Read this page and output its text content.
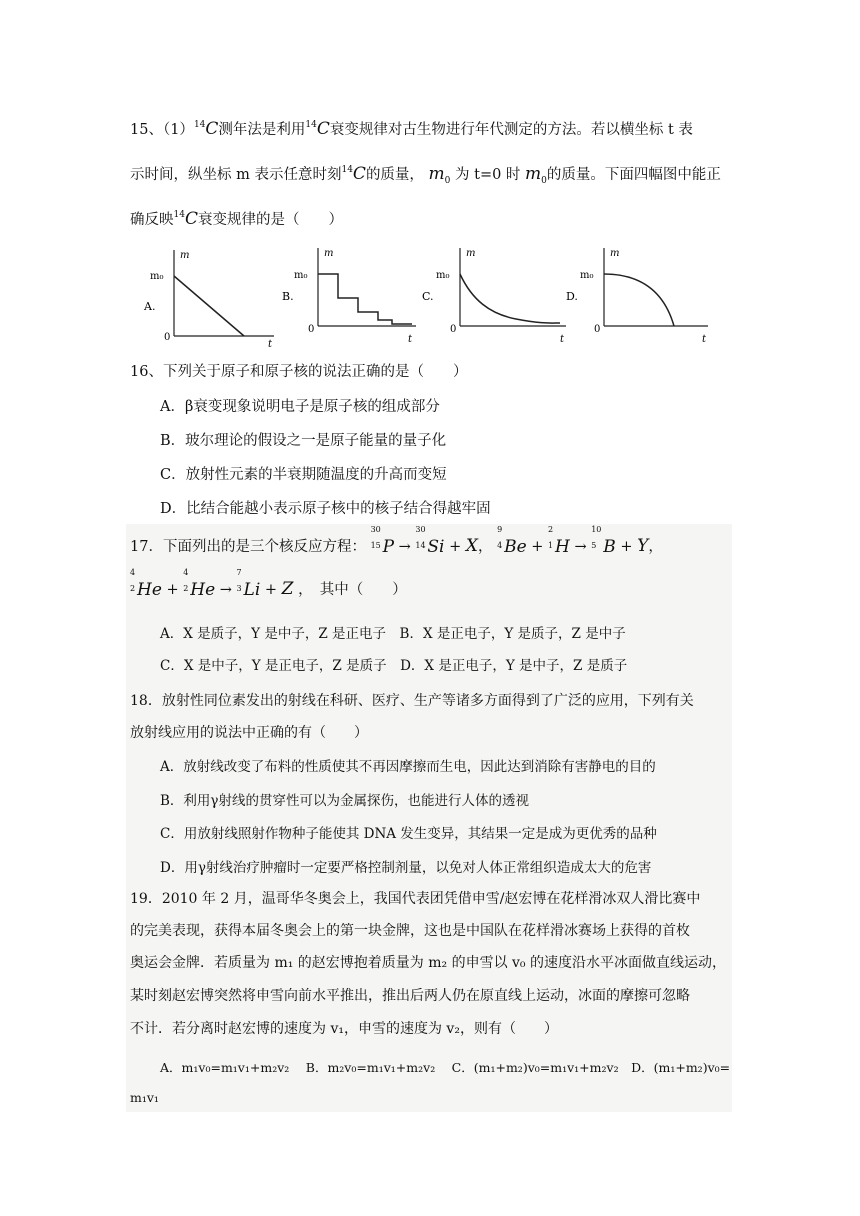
15、$(1)^{14}C$测年法是利用$^{14}$C衰变规律对古生物进行年代测定的方法。若以横坐标 t 表
示时间，纵坐标 m 表示任意时刻$^{14}$C的质量， $m_0$ 为 t=0 时 $m_0$的质量。下面四幅图中能正
确反映$^{14}$C衰变规律的是（　　）
m
t
m₀
0
A.
m
t
m₀
0
B.
m
t
m₀
0
C.
m
t
m₀
0
D.
16、下列关于原子和原子核的说法正确的是（　　）
A．β衰变现象说明电子是原子核的组成部分
B．玻尔理论的假设之一是原子能量的量子化
C．放射性元素的半衰期随温度的升高而变短
D．比结合能越小表示原子核中的核子结合得越牢固
17．下面列出的是三个核反应方程：
30
15 P →
30
14 Si + X，
9
4 Be +
2
1 H →
10
5 B + Y，
4
2 He +
4
2 He →
7
3 Li + Z ，　其中（　　）
A．X 是质子，Y 是中子，Z 是正电子　B．X 是正电子，Y 是质子，Z 是中子
C．X 是中子，Y 是正电子，Z 是质子　D．X 是正电子，Y 是中子，Z 是质子
18．放射性同位素发出的射线在科研、医疗、生产等诸多方面得到了广泛的应用，下列有关
放射线应用的说法中正确的有（　　）
A．放射线改变了布料的性质使其不再因摩擦而生电，因此达到消除有害静电的目的
B．利用γ射线的贯穿性可以为金属探伤，也能进行人体的透视
C．用放射线照射作物种子能使其 DNA 发生变异，其结果一定是成为更优秀的品种
D．用γ射线治疗肿瘤时一定要严格控制剂量，以免对人体正常组织造成太大的危害
19．2010 年 2 月，温哥华冬奥会上，我国代表团凭借申雪/赵宏博在花样滑冰双人滑比赛中
的完美表现，获得本届冬奥会上的第一块金牌，这也是中国队在花样滑冰赛场上获得的首枚
奥运会金牌．若质量为 m₁ 的赵宏博抱着质量为 m₂ 的申雪以 v₀ 的速度沿水平冰面做直线运动，
某时刻赵宏博突然将申雪向前水平推出，推出后两人仍在原直线上运动，冰面的摩擦可忽略
不计．若分离时赵宏博的速度为 v₁，申雪的速度为 v₂，则有（　　）
A．m₁v₀=m₁v₁+m₂v₂　 B．m₂v₀=m₁v₁+m₂v₂　 C．(m₁+m₂)v₀=m₁v₁+m₂v₂　D．(m₁+m₂)v₀=
m₁v₁
